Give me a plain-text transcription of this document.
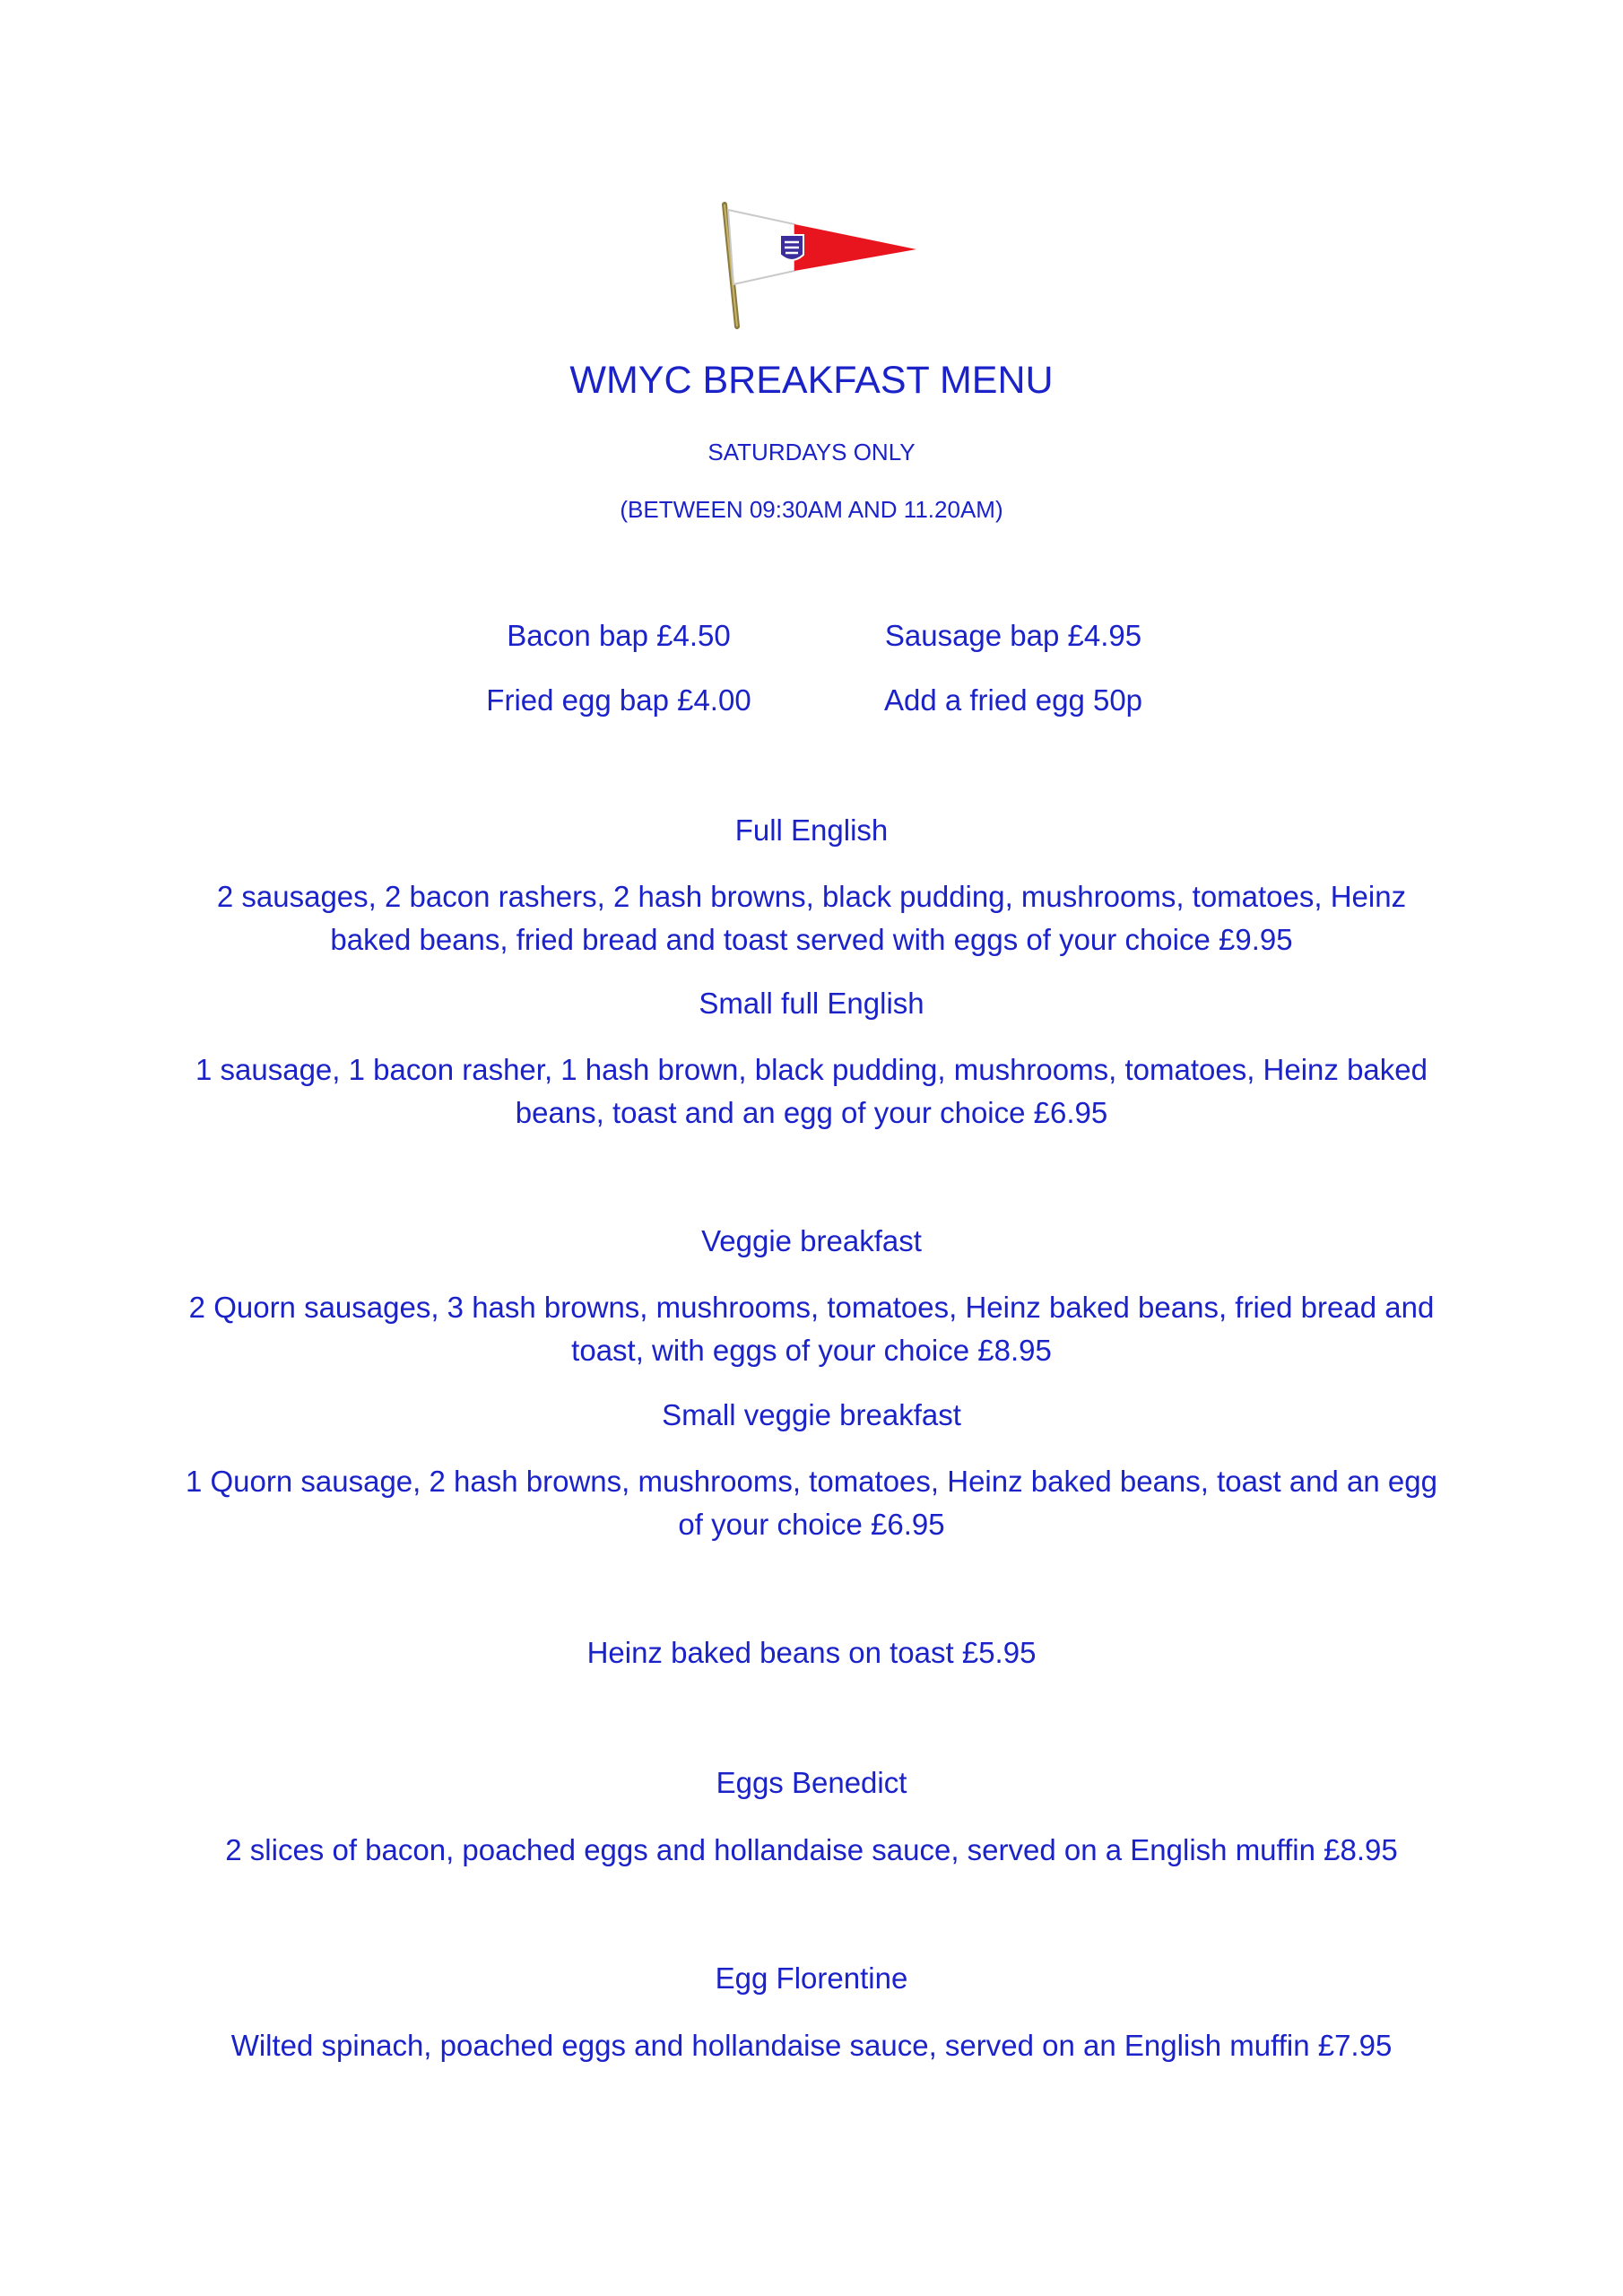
WMYC BREAKFAST MENU
SATURDAYS ONLY
(BETWEEN 09:30AM AND 11.20AM)
Bacon bap £4.50	Sausage bap £4.95
Fried egg bap £4.00	Add a fried egg 50p
Full English
2 sausages, 2 bacon rashers, 2 hash browns, black pudding, mushrooms, tomatoes, Heinz baked beans, fried bread and toast served with eggs of your choice £9.95
Small full English
1 sausage, 1 bacon rasher, 1 hash brown, black pudding, mushrooms, tomatoes, Heinz baked beans, toast and an egg of your choice £6.95
Veggie breakfast
2 Quorn sausages, 3 hash browns, mushrooms, tomatoes, Heinz baked beans, fried bread and toast, with eggs of your choice £8.95
Small veggie breakfast
1 Quorn sausage, 2 hash browns, mushrooms, tomatoes, Heinz baked beans, toast and an egg of your choice £6.95
Heinz baked beans on toast £5.95
Eggs Benedict
2 slices of bacon, poached eggs and hollandaise sauce, served on a English muffin £8.95
Egg Florentine
Wilted spinach, poached eggs and hollandaise sauce, served on an English muffin £7.95
